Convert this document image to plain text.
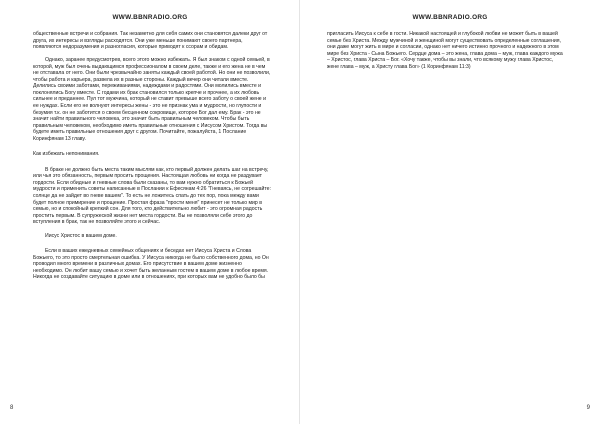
WWW.BBNRADIO.ORG

общественные встречи и собрания. Так незаметно для себя самих они становятся далеки друг от друга, их интересы и взгляды расходятся. Они уже меньше понимают своего партнера, появляются недоразумения и разногласия, которые приводят к ссорам и обидам.

Однако, заранее предусмотрев, всего этого можно избежать. Я был знаком с одной семьей, в которой, муж был очень выдающимся профессионалом в своем деле, также и его жена не в чем не отставала от него. Они были чрезвычайно заняты каждый своей работой. Но они не позволили, чтобы работа и карьера, развела их в разные стороны. Каждый вечер они читали вместе. Делились своими заботами, переживаниями, надеждами и радостями. Они молились вместе и поклонялись Богу вместе. С годами их брак становился только крепче и прочнее, а их любовь сильнее и преданнее. Пул тот мужчина, который не ставит превыше всего заботу о своей жене и ее нуждах. Если его не волнуют интересы жены - это не признак ума и мудрости, но глупости и безумия т.к. он не заботится о своем бесценном сокровище, которое Бог дал ему. Брак - это не значит найти правильного человека, это значит быть правильным человеком. Чтобы быть правильным человеком, необходимо иметь правильные отношения с Иисусом Христом. Тогда вы будете иметь правильные отношения друг с другом. Почитайте, пожалуйста, 1 Послание Коринфянам 13 главу.

Как избежать непонимания.

В браке не должно быть места таким мыслям как, кто первый должен делать шаг на встречу, или чья это обязанность, первым просить прощения. Настоящая любовь ни когда не раздувает гордости. Если обидные и гневные слова были сказаны, то вам нужно обратиться к Божьей мудрости и применить советы написанные в Послании к Ефесянам 4:26 "Гневаясь, не согрешайте: солнце да не зайдет во гневе вашем". То есть не ложитесь спать до тех пор, пока между вами будет полное примирение и прощение. Простая фраза "прости меня" принесет не только мир в семью, но и спокойный крепкий сон. Для того, кто действительно любит - это огромная радость простить первым. В супружеской жизни нет места гордости. Вы не позволяли себе этого до вступления в брак, так не позволяйте этого и сейчас.

Иисус Христос в вашем доме.

Если в ваших ежедневных семейных общениях и беседах нет Иисуса Христа и Слова Божьего, то это просто смертельная ошибка. У Иисуса никогда не было собственного дома, но Он проводил много времени в различных домах. Его присутствие в вашем доме жизненно необходимо. Он любит вашу семью и хочет быть желанным гостем в вашем доме в любое время. Никогда не создавайте ситуацию в доме или в отношениях, при которых вам не удобно было бы

8
WWW.BBNRADIO.ORG

пригласить Иисуса к себе в гости. Никакой настоящей и глубокой любви не может быть в вашей семье без Христа. Между мужчиной и женщиной могут существовать определенные соглашения, они даже могут жить в мире и согласии, однако нет ничего истинно прочного и надежного в этом мире без Христа - Сына Божьего. Сердце дома – это жена, глава дома – муж, глава каждого мужа – Христос, глава Христа – Бог. «Хочу также, чтобы вы знали, что всякому мужу глава Христос, жене глава – муж, а Христу глава Бог» (1 Коринфянам 11:3)

9
